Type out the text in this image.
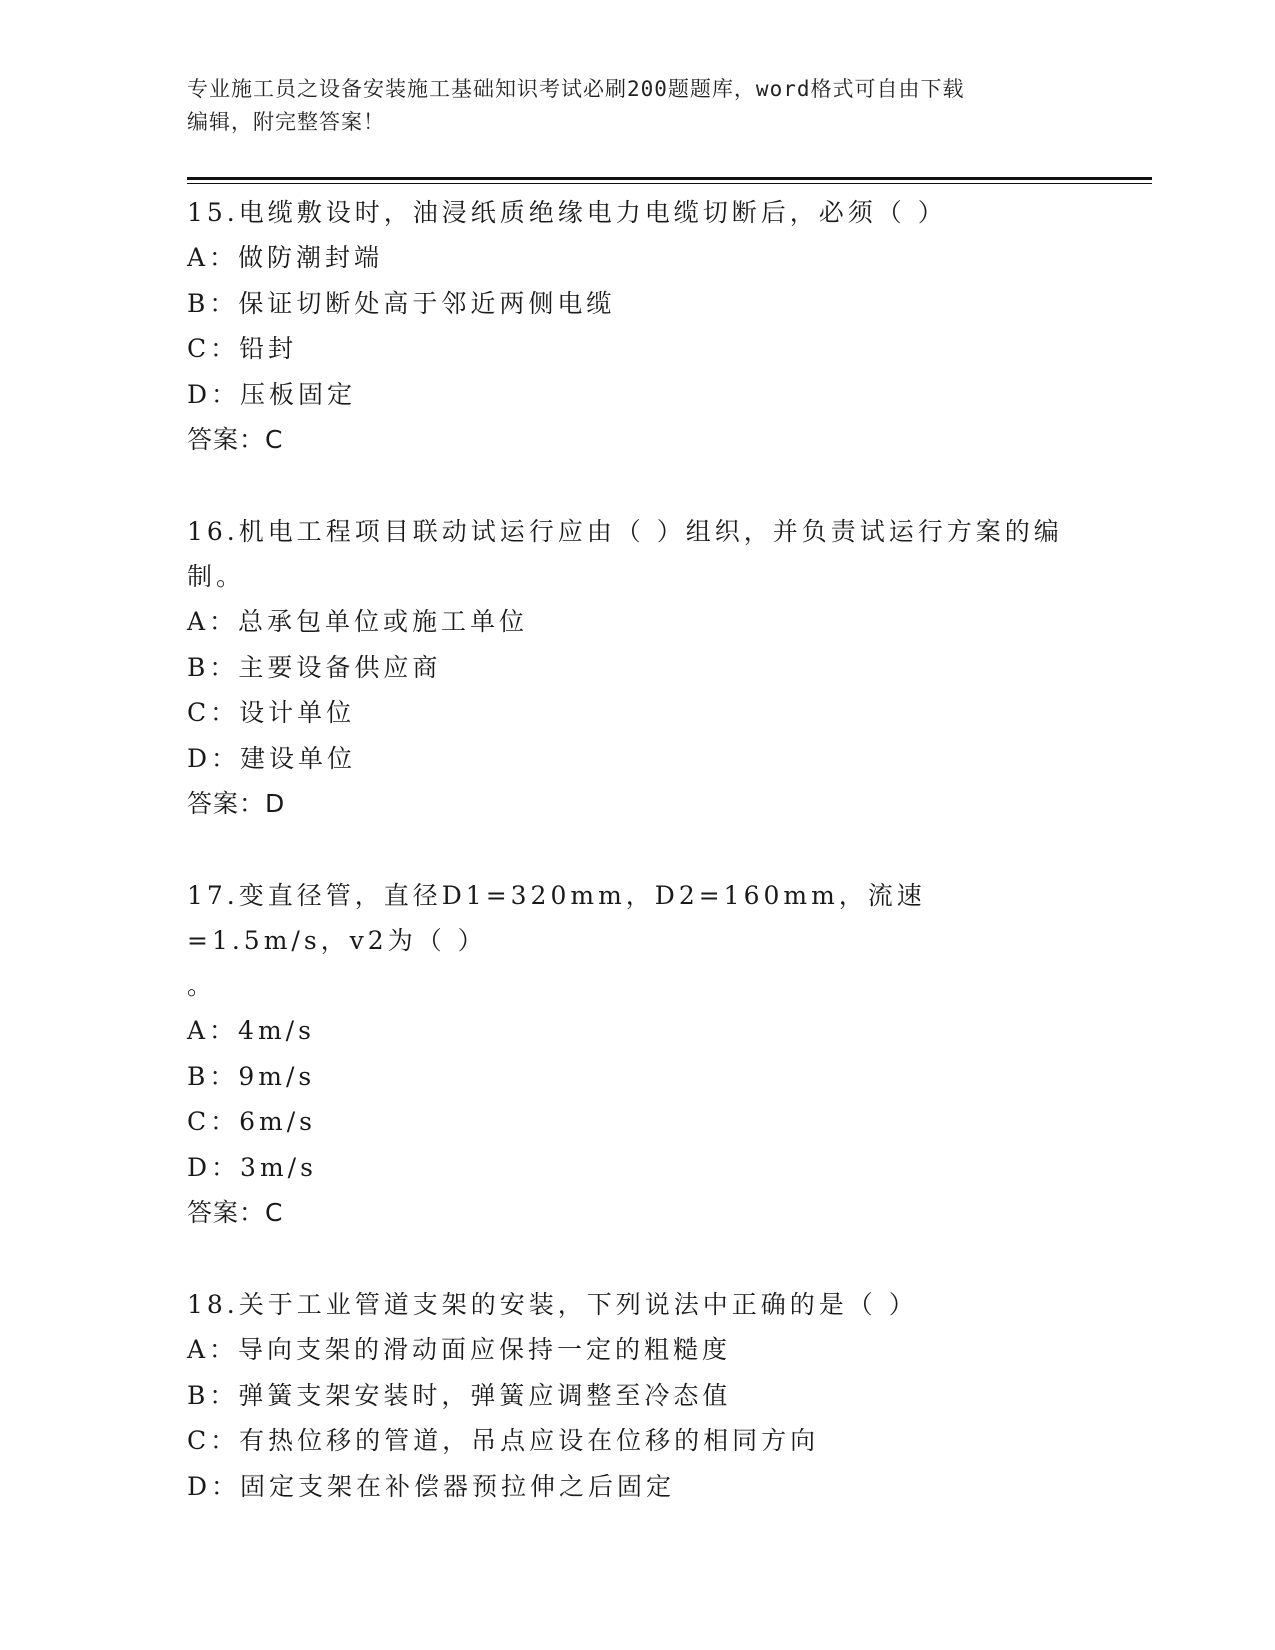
专业施工员之设备安装施工基础知识考试必刷200题题库，word格式可自由下载
编辑，附完整答案！
15.电缆敷设时，油浸纸质绝缘电力电缆切断后，必须（ ）
A：做防潮封端
B：保证切断处高于邻近两侧电缆
C：铅封
D：压板固定
答案：C
16.机电工程项目联动试运行应由（ ）组织，并负责试运行方案的编
制。
A：总承包单位或施工单位
B：主要设备供应商
C：设计单位
D：建设单位
答案：D
17.变直径管，直径D1=320mm，D2=160mm，流速=1.5m/s，v2为（ ）
。
A：4m/s
B：9m/s
C：6m/s
D：3m/s
答案：C
18.关于工业管道支架的安装，下列说法中正确的是（ ）
A：导向支架的滑动面应保持一定的粗糙度
B：弹簧支架安装时，弹簧应调整至冷态值
C：有热位移的管道，吊点应设在位移的相同方向
D：固定支架在补偿器预拉伸之后固定
